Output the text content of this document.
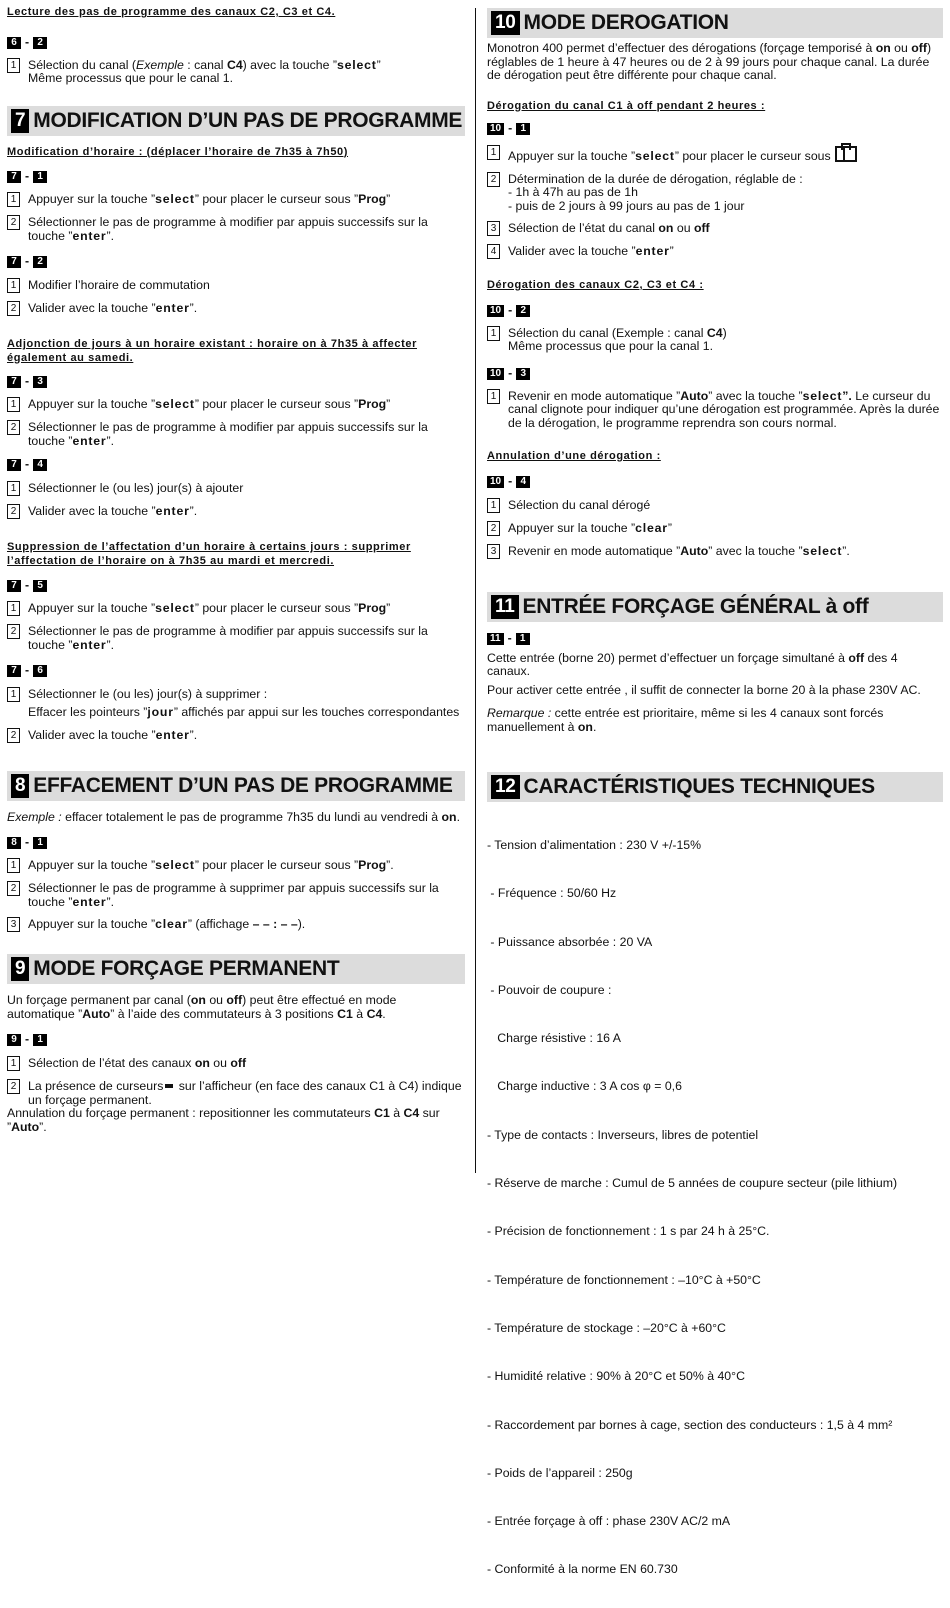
Lecture des pas de programme des canaux C2, C3 et C4.

6 - 2
1 Sélection du canal (Exemple : canal C4) avec la touche ”select”
Même processus que pour le canal 1.
7 MODIFICATION D’UN PAS DE PROGRAMME

Modification d’horaire : (déplacer l’horaire de 7h35 à 7h50)

7 - 1
1 Appuyer sur la touche ”select” pour placer le curseur sous ”Prog”
2 Sélectionner le pas de programme à modifier par appuis successifs sur la touche ”enter”.
7 - 2
1 Modifier l’horaire de commutation
2 Valider avec la touche ”enter”.

Adjonction de jours à un horaire existant : horaire on à 7h35 à affecter également au samedi.

7 - 3
1 Appuyer sur la touche ”select” pour placer le curseur sous ”Prog”
2 Sélectionner le pas de programme à modifier par appuis successifs sur la touche ”enter”.
7 - 4
1 Sélectionner le (ou les) jour(s) à ajouter
2 Valider avec la touche ”enter”.

Suppression de l’affectation d’un horaire à certains jours : supprimer l’affectation de l’horaire on à 7h35 au mardi et mercredi.

7 - 5
1 Appuyer sur la touche ”select” pour placer le curseur sous ”Prog”
2 Sélectionner le pas de programme à modifier par appuis successifs sur la touche ”enter”.
7 - 6
1 Sélectionner le (ou les) jour(s) à supprimer :

Effacer les pointeurs ”jour” affichés par appui sur les touches correspondantes

2 Valider avec la touche ”enter”.
8 EFFACEMENT D’UN PAS DE PROGRAMME

Exemple : effacer totalement le pas de programme 7h35 du lundi au vendredi à on.

8 - 1
1 Appuyer sur la touche ”select” pour placer le curseur sous ”Prog”.
2 Sélectionner le pas de programme à supprimer par appuis successifs sur la touche ”enter”.
3 Appuyer sur la touche ”clear” (affichage – – : – –).
9 MODE FORÇAGE PERMANENT

Un forçage permanent par canal (on ou off) peut être effectué en mode automatique ”Auto” à l’aide des commutateurs à 3 positions C1 à C4.

9 - 1
1 Sélection de l’état des canaux on ou off
2 La présence de curseurs sur l’afficheur (en face des canaux C1 à C4) indique un forçage permanent.

Annulation du forçage permanent : repositionner les commutateurs C1 à C4 sur ”Auto”.

10 MODE DEROGATION

Monotron 400 permet d’effectuer des dérogations (forçage temporisé à on ou off) réglables de 1 heure à 47 heures ou de 2 à 99 jours pour chaque canal. La durée de dérogation peut être différente pour chaque canal.

Dérogation du canal C1 à off pendant 2 heures :

10 - 1
1 Appuyer sur la touche ”select” pour placer le curseur sous
2 Détermination de la durée de dérogation, réglable de :
- 1h à 47h au pas de 1h
- puis de 2 jours à 99 jours au pas de 1 jour
3 Sélection de l’état du canal on ou off
4 Valider avec la touche ”enter”

Dérogation des canaux C2, C3 et C4 :

10 - 2
1 Sélection du canal (Exemple : canal C4)
Même processus que pour la canal 1.
10 - 3
1 Revenir en mode automatique ”Auto” avec la touche ”select”. Le curseur du canal clignote pour indiquer qu’une dérogation est programmée. Après la durée de la dérogation, le programme reprendra son cours normal.

Annulation d’une dérogation :

10 - 4
1 Sélection du canal dérogé
2 Appuyer sur la touche ”clear”
3 Revenir en mode automatique ”Auto” avec la touche ”select”.
11 ENTRÉE FORÇAGE GÉNÉRAL à off
11 - 1

Cette entrée (borne 20) permet d’effectuer un forçage simultané à off des 4 canaux.

Pour activer cette entrée , il suffit de connecter la borne 20 à la phase 230V AC.

Remarque : cette entrée est prioritaire, même si les 4 canaux sont forcés manuellement à on.

12 CARACTÉRISTIQUES TECHNIQUES

- Tension d’alimentation : 230 V +/-15%

- Fréquence : 50/60 Hz

- Puissance absorbée : 20 VA

- Pouvoir de coupure :

Charge résistive : 16 A

Charge inductive : 3 A cos φ = 0,6

- Type de contacts : Inverseurs, libres de potentiel

- Réserve de marche : Cumul de 5 années de coupure secteur (pile lithium)

- Précision de fonctionnement : 1 s par 24 h à 25°C.

- Température de fonctionnement : –10°C à +50°C

- Température de stockage : –20°C à +60°C

- Humidité relative : 90% à 20°C et 50% à 40°C

- Raccordement par bornes à cage, section des conducteurs : 1,5 à 4 mm²

- Poids de l’appareil : 250g

- Entrée forçage à off : phase 230V AC/2 mA

- Conformité à la norme EN 60.730
